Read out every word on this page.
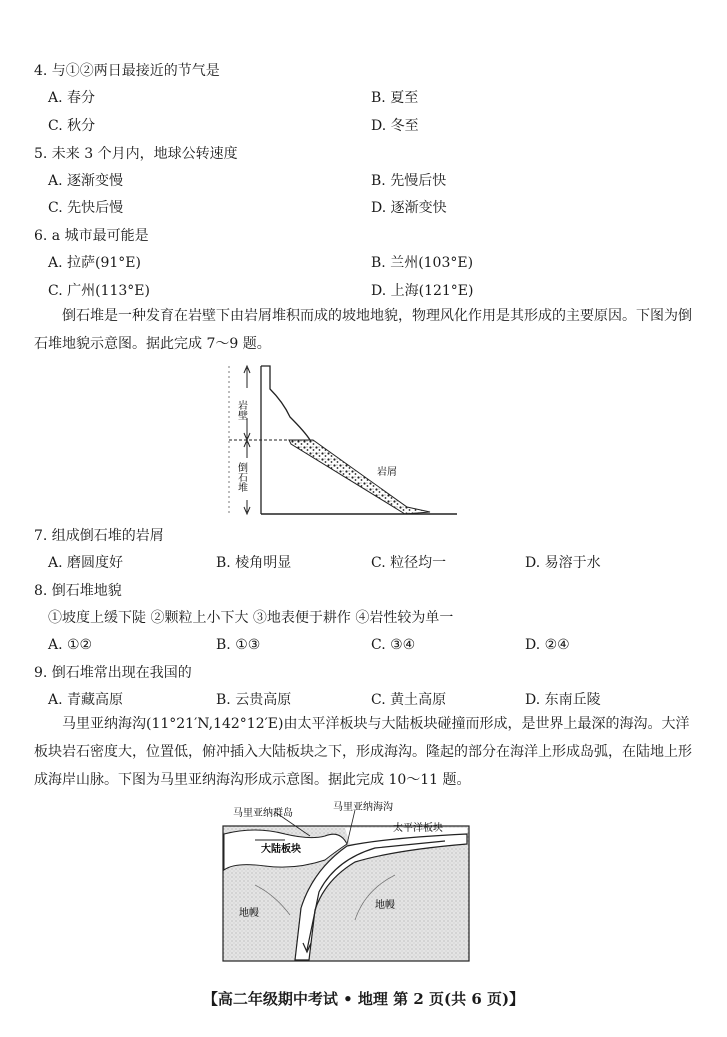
4. 与①②两日最接近的节气是
A. 春分	B. 夏至
C. 秋分	D. 冬至
5. 未来 3 个月内，地球公转速度
A. 逐渐变慢	B. 先慢后快
C. 先快后慢	D. 逐渐变快
6. a 城市最可能是
A. 拉萨(91°E)	B. 兰州(103°E)
C. 广州(113°E)	D. 上海(121°E)

倒石堆是一种发育在岩壁下由岩屑堆积而成的坡地地貌，物理风化作用是其形成的主要原因。下图为倒石堆地貌示意图。据此完成 7～9 题。

岩壁
倒石堆	岩屑
7. 组成倒石堆的岩屑
A. 磨圆度好	B. 棱角明显	C. 粒径均一	D. 易溶于水
8. 倒石堆地貌
①坡度上缓下陡 ②颗粒上小下大 ③地表便于耕作 ④岩性较为单一
A. ①②	B. ①③	C. ③④	D. ②④
9. 倒石堆常出现在我国的
A. 青藏高原	B. 云贵高原	C. 黄土高原	D. 东南丘陵

马里亚纳海沟(11°21′N,142°12′E)由太平洋板块与大陆板块碰撞而形成，是世界上最深的海沟。大洋板块岩石密度大，位置低，俯冲插入大陆板块之下，形成海沟。隆起的部分在海洋上形成岛弧，在陆地上形成海岸山脉。下图为马里亚纳海沟形成示意图。据此完成 10～11 题。

马里亚纳群岛
马里亚纳海沟
大陆板块
太平洋板块
地幔
地幔
【高二年级期中考试 • 地理 第 2 页(共 6 页)】
